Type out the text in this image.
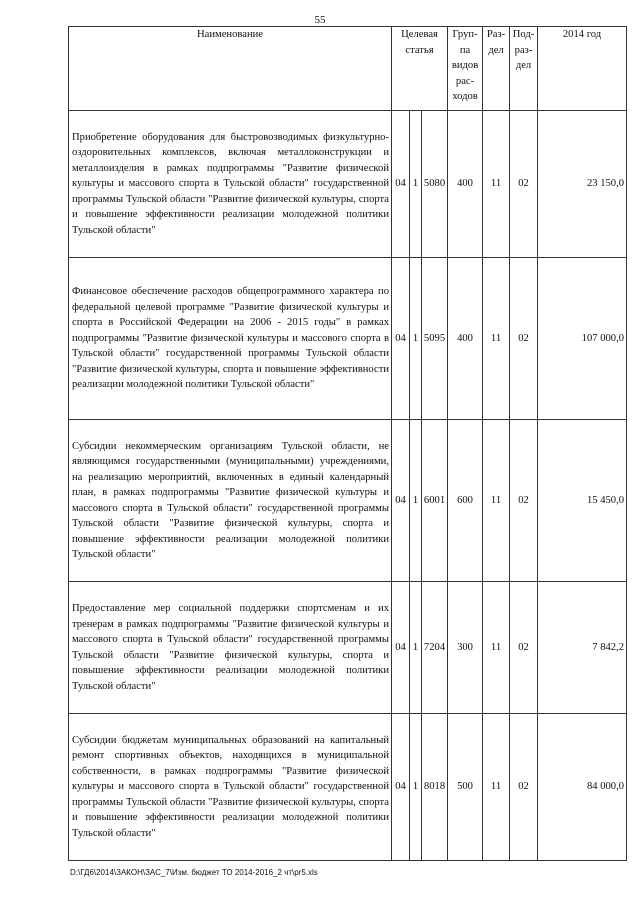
55
Наименование	Целевая статья			Груп-па видов рас-ходов	Раз-дел	Под-раз-дел	2014 год
Приобретение оборудования для быстровозводимых физкультурно-оздоровительных комплексов, включая металлоконструкции и металлоизделия в рамках подпрограммы "Развитие физической культуры и массового спорта в Тульской области" государственной программы Тульской области "Развитие физической культуры, спорта и повышение эффективности реализации молодежной политики Тульской области"	04	1	5080	400	11	02	23 150,0
Финансовое обеспечение расходов общепрограммного характера по федеральной целевой программе "Развитие физической культуры и спорта в Российской Федерации на 2006 - 2015 годы" в рамках подпрограммы "Развитие физической культуры и массового спорта в Тульской области" государственной программы Тульской области "Развитие физической культуры, спорта и повышение эффективности реализации молодежной политики Тульской области"	04	1	5095	400	11	02	107 000,0
Субсидии некоммерческим организациям Тульской области, не являющимся государственными (муниципальными) учреждениями, на реализацию мероприятий, включенных в единый календарный план, в рамках подпрограммы "Развитие физической культуры и массового спорта в Тульской области" государственной программы Тульской области "Развитие физической культуры, спорта и повышение эффективности реализации молодежной политики Тульской области"	04	1	6001	600	11	02	15 450,0
Предоставление мер социальной поддержки спортсменам и их тренерам в рамках подпрограммы "Развитие физической культуры и массового спорта в Тульской области" государственной программы Тульской области "Развитие физической культуры, спорта и повышение эффективности реализации молодежной политики Тульской области"	04	1	7204	300	11	02	7 842,2
Субсидии бюджетам муниципальных образований на капитальный ремонт спортивных объектов, находящихся в муниципальной собственности, в рамках подпрограммы "Развитие физической культуры и массового спорта в Тульской области" государственной программы Тульской области "Развитие физической культуры, спорта и повышение эффективности реализации молодежной политики Тульской области"	04	1	8018	500	11	02	84 000,0
D:\ГД6\2014\ЗАКОН\ЗАС_7\Изм. бюджет ТО 2014-2016_2 чт\pr5.xls
